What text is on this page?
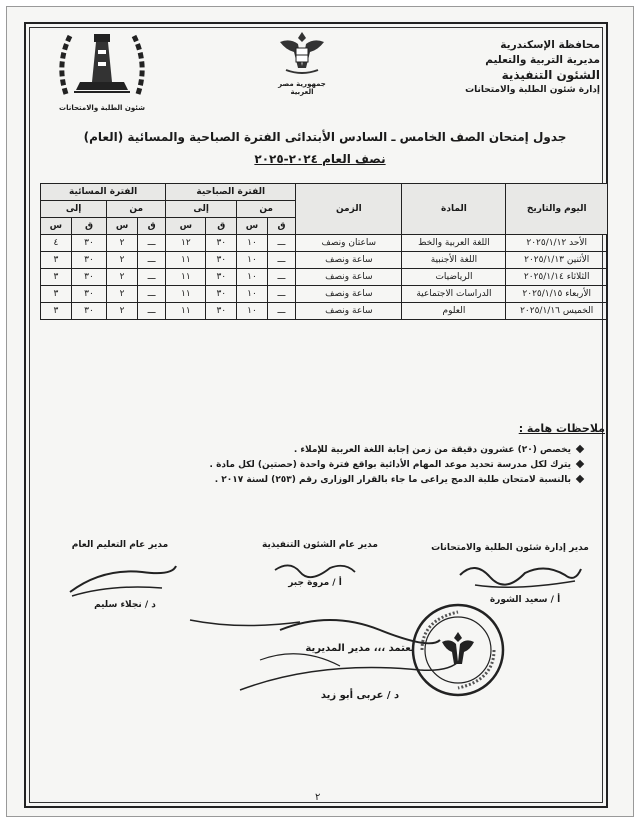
محافظة الإسكندرية
مديرية التربية والتعليم
الشئون التنفيذية
إدارة شئون الطلبة والامتحانات
جمهورية مصر العربية
شئون الطلبة والامتحانات
جدول إمتحان الصف الخامس ـ السادس الأبتدائى الفترة الصباحية والمسائية (العام)
نصف العام ٢٠٢٤-٢٠٢٥
اليوم والتاريخ	المادة	الزمن	الفترة الصباحية				الفترة المسائية			
			من		إلى		من		إلى	
			ق	س	ق	س	ق	س	ق	س
الأحد ٢٠٢٥/١/١٢	اللغة العربية والخط	ساعتان ونصف	ـــ	١٠	٣٠	١٢	ـــ	٢	٣٠	٤
الأثنين ٢٠٢٥/١/١٣	اللغة الأجنبية	ساعة ونصف	ـــ	١٠	٣٠	١١	ـــ	٢	٣٠	٣
الثلاثاء ٢٠٢٥/١/١٤	الرياضيات	ساعة ونصف	ـــ	١٠	٣٠	١١	ـــ	٢	٣٠	٣
الأربعاء ٢٠٢٥/١/١٥	الدراسات الاجتماعية	ساعة ونصف	ـــ	١٠	٣٠	١١	ـــ	٢	٣٠	٣
الخميس ٢٠٢٥/١/١٦	العلوم	ساعة ونصف	ـــ	١٠	٣٠	١١	ـــ	٢	٣٠	٣
ملاحظات هامة :
يخصص (٢٠) عشرون دقيقة من زمن إجابة اللغة العربية للإملاء .
يترك لكل مدرسة تحديد موعد المهام الأدائية بواقع فترة واحدة (حصتين) لكل مادة .
بالنسبة لامتحان طلبة الدمج يراعى ما جاء بالقرار الوزارى رقم (٢٥٣) لسنة ٢٠١٧ .
مدير إدارة شئون الطلبة والامتحانات
مدير عام الشئون التنفيذية
مدير عام التعليم العام
أ / سعيد الشورة
أ / مروة جبر
د / نجلاء سليم
يعتمد ،،، مدير المديرية
د / عربى أبو زيد
٢
